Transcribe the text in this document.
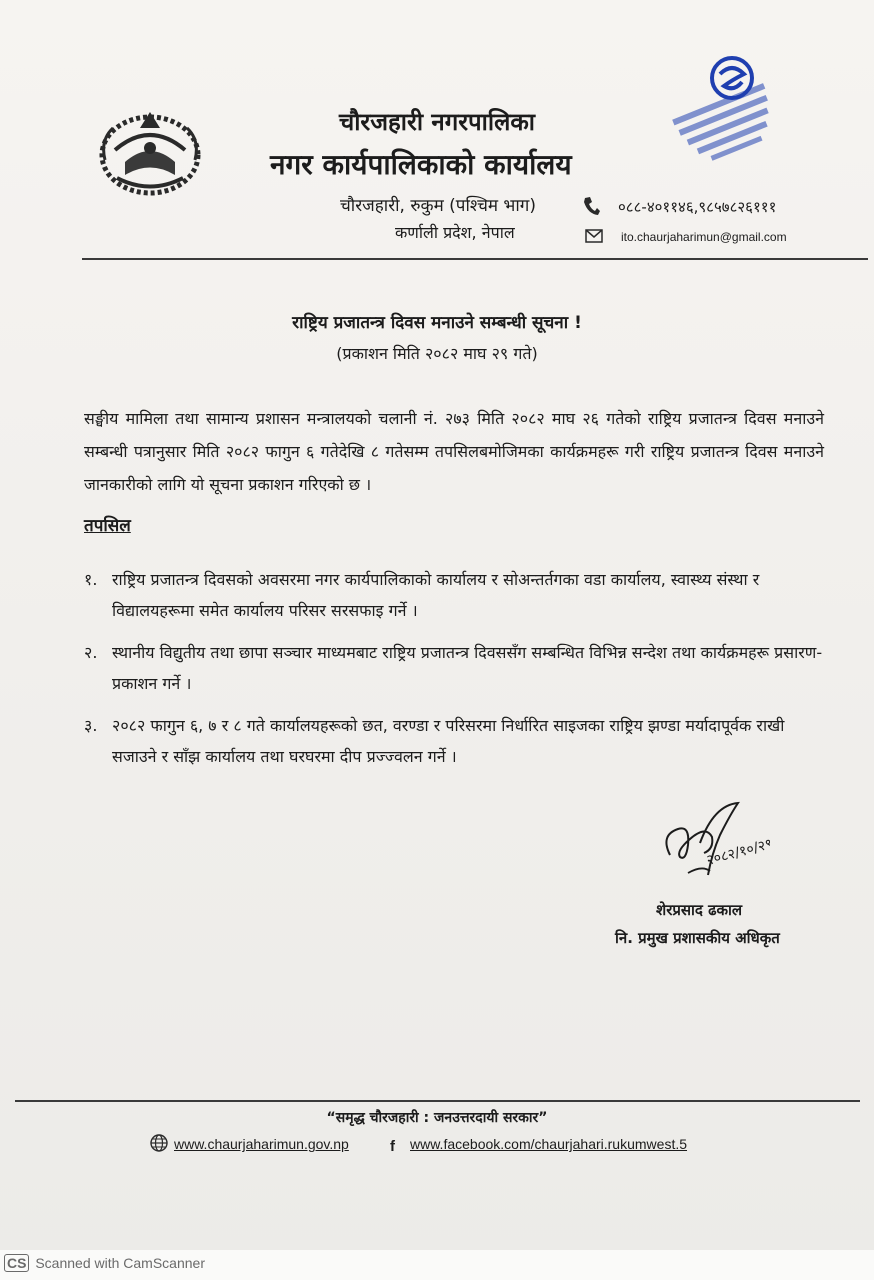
चौरजहारी नगरपालिका
नगर कार्यपालिकाको कार्यालय
चौरजहारी, रुकुम (पश्चिम भाग)
कर्णाली प्रदेश, नेपाल
०८८-४०११४६,९८५७८२६१११
ito.chaurjaharimun@gmail.com
राष्ट्रिय प्रजातन्त्र दिवस मनाउने सम्बन्धी सूचना !
(प्रकाशन मिति २०८२ माघ २९ गते)
सङ्घीय मामिला तथा सामान्य प्रशासन मन्त्रालयको चलानी नं. २७३ मिति २०८२ माघ २६ गतेको राष्ट्रिय प्रजातन्त्र दिवस मनाउने सम्बन्धी पत्रानुसार मिति २०८२ फागुन ६ गतेदेखि ८ गतेसम्म तपसिलबमोजिमका कार्यक्रमहरू गरी राष्ट्रिय प्रजातन्त्र दिवस मनाउने जानकारीको लागि यो सूचना प्रकाशन गरिएको छ ।
तपसिल
१. राष्ट्रिय प्रजातन्त्र दिवसको अवसरमा नगर कार्यपालिकाको कार्यालय र सोअन्तर्तगका वडा कार्यालय, स्वास्थ्य संस्था र विद्यालयहरूमा समेत कार्यालय परिसर सरसफाइ गर्ने ।
२. स्थानीय विद्युतीय तथा छापा सञ्चार माध्यमबाट राष्ट्रिय प्रजातन्त्र दिवससँग सम्बन्धित विभिन्न सन्देश तथा कार्यक्रमहरू प्रसारण-प्रकाशन गर्ने ।
३. २०८२ फागुन ६, ७ र ८ गते कार्यालयहरूको छत, वरण्डा र परिसरमा निर्धारित साइजका राष्ट्रिय झण्डा मर्यादापूर्वक राखी सजाउने र साँझ कार्यालय तथा घरघरमा दीप प्रज्ज्वलन गर्ने ।
२०८२/१०/२९
शेरप्रसाद ढकाल
नि. प्रमुख प्रशासकीय अधिकृत
“समृद्ध चौरजहारी : जनउत्तरदायी सरकार”
www.chaurjaharimun.gov.np	f www.facebook.com/chaurjahari.rukumwest.5
CS Scanned with CamScanner
